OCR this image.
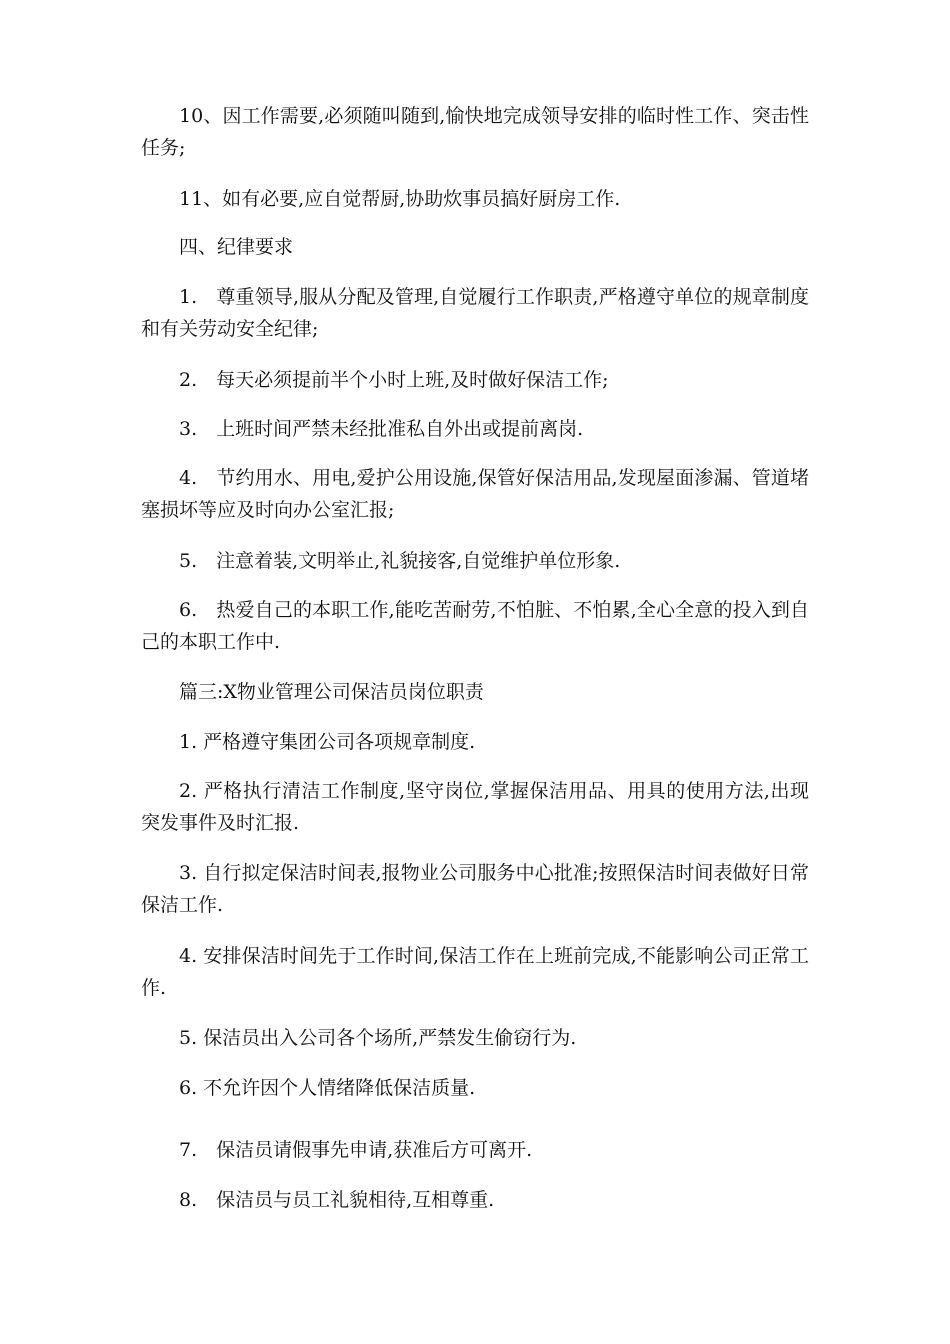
10、因工作需要,必须随叫随到,愉快地完成领导安排的临时性工作、突击性任务;

11、如有必要,应自觉帮厨,协助炊事员搞好厨房工作.

四、纪律要求

1.　尊重领导,服从分配及管理,自觉履行工作职责,严格遵守单位的规章制度和有关劳动安全纪律;

2.　每天必须提前半个小时上班,及时做好保洁工作;

3.　上班时间严禁未经批准私自外出或提前离岗.

4.　节约用水、用电,爱护公用设施,保管好保洁用品,发现屋面渗漏、管道堵塞损坏等应及时向办公室汇报;

5.　注意着装,文明举止,礼貌接客,自觉维护单位形象.

6.　热爱自己的本职工作,能吃苦耐劳,不怕脏、不怕累,全心全意的投入到自己的本职工作中.

篇三:X物业管理公司保洁员岗位职责

1. 严格遵守集团公司各项规章制度.

2. 严格执行清洁工作制度,坚守岗位,掌握保洁用品、用具的使用方法,出现突发事件及时汇报.

3. 自行拟定保洁时间表,报物业公司服务中心批准;按照保洁时间表做好日常保洁工作.

4. 安排保洁时间先于工作时间,保洁工作在上班前完成,不能影响公司正常工作.

5. 保洁员出入公司各个场所,严禁发生偷窃行为.

6. 不允许因个人情绪降低保洁质量.

7.　保洁员请假事先申请,获准后方可离开.

8.　保洁员与员工礼貌相待,互相尊重.
